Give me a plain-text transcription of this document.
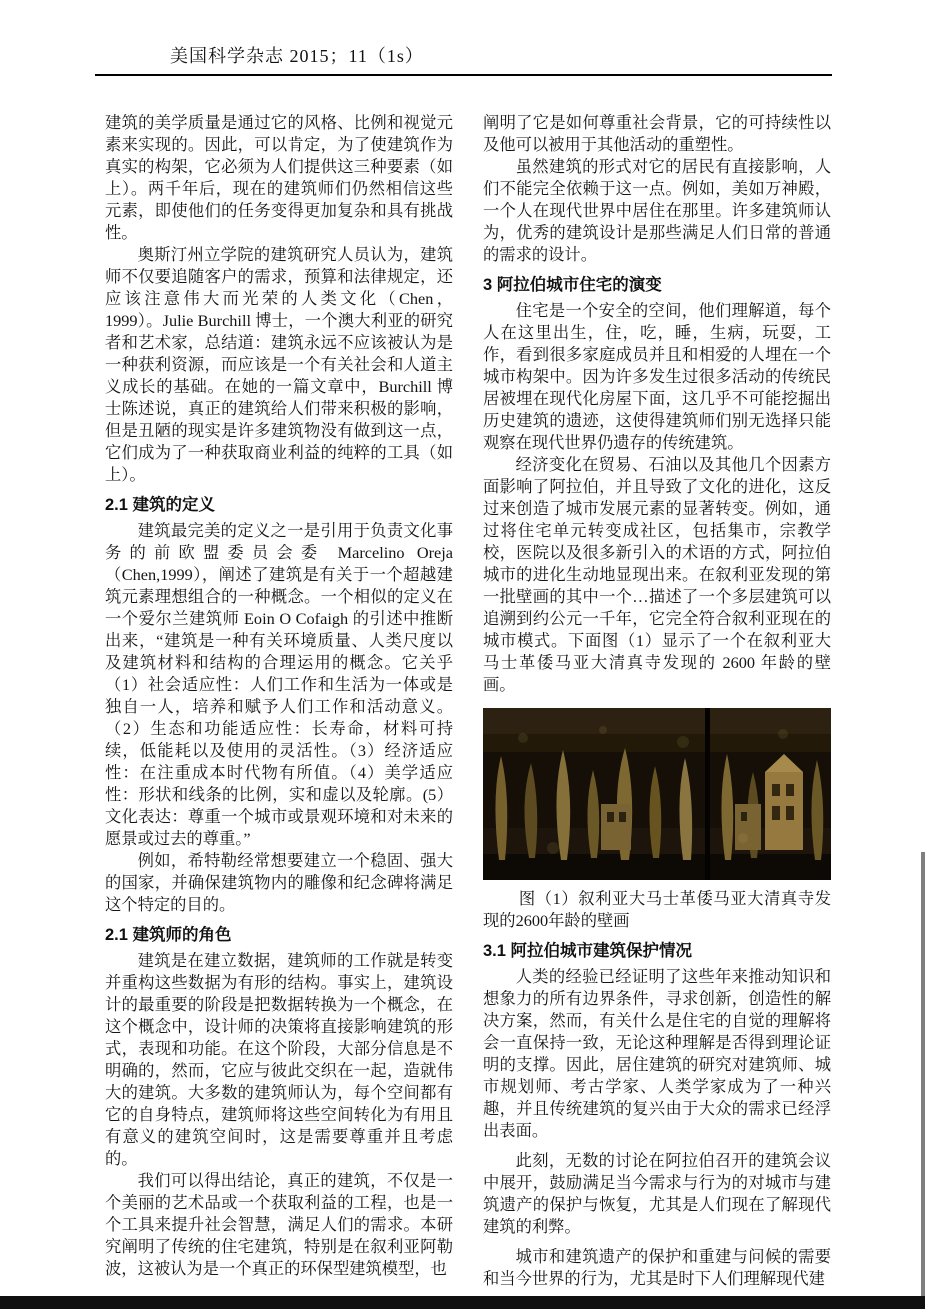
美国科学杂志 2015；11（1s）

建筑的美学质量是通过它的风格、比例和视觉元素来实现的。因此，可以肯定，为了使建筑作为真实的构架，它必须为人们提供这三种要素（如上）。两千年后，现在的建筑师们仍然相信这些元素，即使他们的任务变得更加复杂和具有挑战性。

奥斯汀州立学院的建筑研究人员认为，建筑师不仅要追随客户的需求，预算和法律规定，还应该注意伟大而光荣的人类文化（Chen，1999）。Julie Burchill 博士，一个澳大利亚的研究者和艺术家，总结道：建筑永远不应该被认为是一种获利资源，而应该是一个有关社会和人道主义成长的基础。在她的一篇文章中，Burchill 博士陈述说，真正的建筑给人们带来积极的影响，但是丑陋的现实是许多建筑物没有做到这一点，它们成为了一种获取商业利益的纯粹的工具（如上）。

2.1 建筑的定义

建筑最完美的定义之一是引用于负责文化事务的前欧盟委员会委 Marcelino Oreja（Chen,1999），阐述了建筑是有关于一个超越建筑元素理想组合的一种概念。一个相似的定义在一个爱尔兰建筑师 Eoin O Cofaigh 的引述中推断出来，“建筑是一种有关环境质量、人类尺度以及建筑材料和结构的合理运用的概念。它关乎（1）社会适应性：人们工作和生活为一体或是独自一人，培养和赋予人们工作和活动意义。（2）生态和功能适应性：长寿命，材料可持续，低能耗以及使用的灵活性。（3）经济适应性：在注重成本时代物有所值。（4）美学适应性：形状和线条的比例，实和虚以及轮廓。(5）文化表达：尊重一个城市或景观环境和对未来的愿景或过去的尊重。”

例如，希特勒经常想要建立一个稳固、强大的国家，并确保建筑物内的雕像和纪念碑将满足这个特定的目的。

2.1 建筑师的角色

建筑是在建立数据，建筑师的工作就是转变并重构这些数据为有形的结构。事实上，建筑设计的最重要的阶段是把数据转换为一个概念，在这个概念中，设计师的决策将直接影响建筑的形式，表现和功能。在这个阶段，大部分信息是不明确的，然而，它应与彼此交织在一起，造就伟大的建筑。大多数的建筑师认为，每个空间都有它的自身特点，建筑师将这些空间转化为有用且有意义的建筑空间时，这是需要尊重并且考虑的。

我们可以得出结论，真正的建筑，不仅是一个美丽的艺术品或一个获取利益的工程，也是一个工具来提升社会智慧，满足人们的需求。本研究阐明了传统的住宅建筑，特别是在叙利亚阿勒波，这被认为是一个真正的环保型建筑模型，也

阐明了它是如何尊重社会背景，它的可持续性以及他可以被用于其他活动的重塑性。

虽然建筑的形式对它的居民有直接影响，人们不能完全依赖于这一点。例如，美如万神殿，一个人在现代世界中居住在那里。许多建筑师认为，优秀的建筑设计是那些满足人们日常的普通的需求的设计。

3 阿拉伯城市住宅的演变

住宅是一个安全的空间，他们理解道，每个人在这里出生，住，吃，睡，生病，玩耍，工作，看到很多家庭成员并且和相爱的人埋在一个城市构架中。因为许多发生过很多活动的传统民居被埋在现代化房屋下面，这几乎不可能挖掘出历史建筑的遗迹，这使得建筑师们别无选择只能观察在现代世界仍遗存的传统建筑。

经济变化在贸易、石油以及其他几个因素方面影响了阿拉伯，并且导致了文化的进化，这反过来创造了城市发展元素的显著转变。例如，通过将住宅单元转变成社区，包括集市，宗教学校，医院以及很多新引入的术语的方式，阿拉伯城市的进化生动地显现出来。在叙利亚发现的第一批壁画的其中一个…描述了一个多层建筑可以追溯到约公元一千年，它完全符合叙利亚现在的城市模式。下面图（1）显示了一个在叙利亚大马士革倭马亚大清真寺发现的 2600 年龄的壁画。

图（1）叙利亚大马士革倭马亚大清真寺发现的2600年龄的壁画
3.1 阿拉伯城市建筑保护情况

人类的经验已经证明了这些年来推动知识和想象力的所有边界条件，寻求创新，创造性的解决方案，然而，有关什么是住宅的自觉的理解将会一直保持一致，无论这种理解是否得到理论证明的支撑。因此，居住建筑的研究对建筑师、城市规划师、考古学家、人类学家成为了一种兴趣，并且传统建筑的复兴由于大众的需求已经浮出表面。

此刻，无数的讨论在阿拉伯召开的建筑会议中展开，鼓励满足当今需求与行为的对城市与建筑遗产的保护与恢复，尤其是人们现在了解现代建筑的利弊。

城市和建筑遗产的保护和重建与问候的需要和当今世界的行为，尤其是时下人们理解现代建
